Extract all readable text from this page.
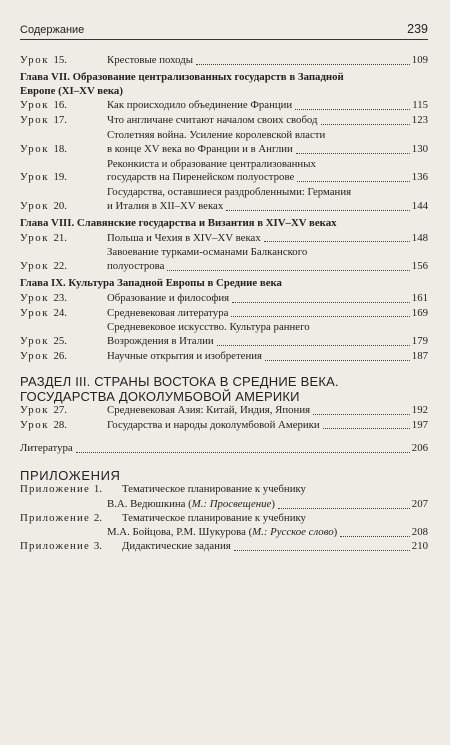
Содержание	239
Урок 15.	Крестовые походы	109
Глава VII. Образование централизованных государств в Западной
Европе (XI–XV века)
Урок 16.	Как происходило объединение Франции	115
Урок 17.	Что англичане считают началом своих свобод	123
Урок 18.
Столетняя война. Усиление королевской власти
в конце XV века во Франции и в Англии	130
Урок 19.
Реконкиста и образование централизованных
государств на Пиренейском полуострове	136
Урок 20.
Государства, оставшиеся раздробленными: Германия
и Италия в XII–XV веках	144
Глава VIII. Славянские государства и Византия в XIV–XV веках
Урок 21.	Польша и Чехия в XIV–XV веках	148
Урок 22.
Завоевание турками-османами Балканского
полуострова	156
Глава IX. Культура Западной Европы в Средние века
Урок 23.	Образование и философия	161
Урок 24.	Средневековая литература	169
Урок 25.
Средневековое искусство. Культура раннего
Возрождения в Италии	179
Урок 26.	Научные открытия и изобретения	187
РАЗДЕЛ III. СТРАНЫ ВОСТОКА В СРЕДНИЕ ВЕКА.
ГОСУДАРСТВА ДОКОЛУМБОВОЙ АМЕРИКИ
Урок 27.	Средневековая Азия: Китай, Индия, Япония	192
Урок 28.	Государства и народы доколумбовой Америки	197
Литература	206
ПРИЛОЖЕНИЯ
Приложение 1.	Тематическое планирование к учебнику
В.А. Ведюшкина (М.: Просвещение)	207
Приложение 2.	Тематическое планирование к учебнику
М.А. Бойцова, Р.М. Шукурова (М.: Русское слово)	208
Приложение 3.	Дидактические задания	210
